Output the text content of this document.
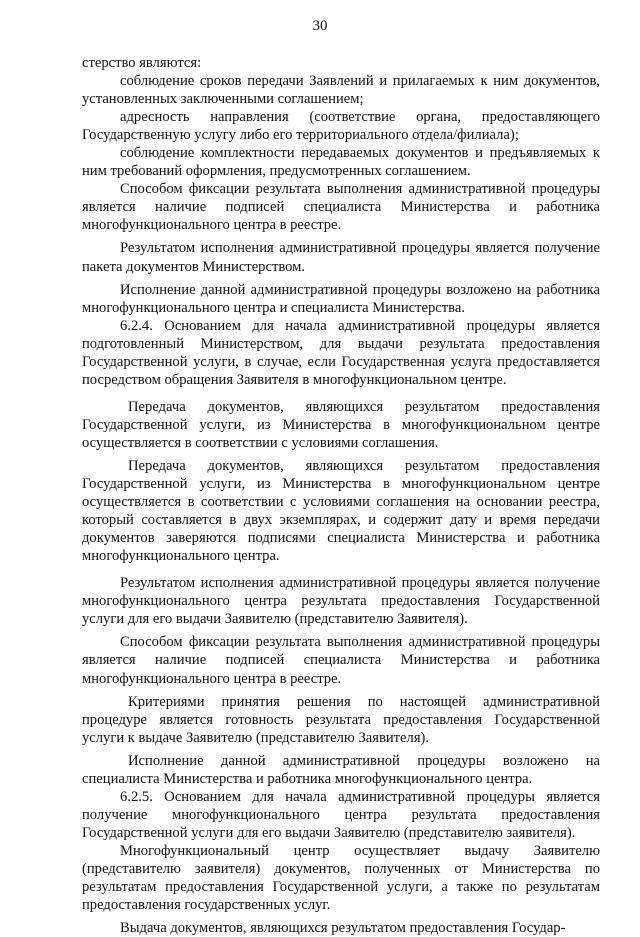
30

стерство являются:

соблюдение сроков передачи Заявлений и прилагаемых к ним документов, установленных заключенными соглашением;

адресность направления (соответствие органа, предоставляющего Государственную услугу либо его территориального отдела/филиала);

соблюдение комплектности передаваемых документов и предъявляемых к ним требований оформления, предусмотренных соглашением.

Способом фиксации результата выполнения административной процедуры является наличие подписей специалиста Министерства и работника многофункционального центра в реестре.

Результатом исполнения административной процедуры является получение пакета документов Министерством.

Исполнение данной административной процедуры возложено на работника многофункционального центра и специалиста Министерства.

6.2.4. Основанием для начала административной процедуры является подготовленный Министерством, для выдачи результата предоставления Государственной услуги, в случае, если Государственная услуга предоставляется посредством обращения Заявителя в многофункциональном центре.

Передача документов, являющихся результатом предоставления Государственной услуги, из Министерства в многофункциональном центре осуществляется в соответствии с условиями соглашения.

Передача документов, являющихся результатом предоставления Государственной услуги, из Министерства в многофункциональном центре осуществляется в соответствии с условиями соглашения на основании реестра, который составляется в двух экземплярах, и содержит дату и время передачи документов заверяются подписями специалиста Министерства и работника многофункционального центра.

Результатом исполнения административной процедуры является получение многофункционального центра результата предоставления Государственной услуги для его выдачи Заявителю (представителю Заявителя).

Способом фиксации результата выполнения административной процедуры является наличие подписей специалиста Министерства и работника многофункционального центра в реестре.

Критериями принятия решения по настоящей административной процедуре является готовность результата предоставления Государственной услуги к выдаче Заявителю (представителю Заявителя).

Исполнение данной административной процедуры возложено на специалиста Министерства и работника многофункционального центра.

6.2.5. Основанием для начала административной процедуры является получение многофункционального центра результата предоставления Государственной услуги для его выдачи Заявителю (представителю заявителя).

Многофункциональный центр осуществляет выдачу Заявителю (представителю заявителя) документов, полученных от Министерства по результатам предоставления Государственной услуги, а также по результатам предоставления государственных услуг.

Выдача документов, являющихся результатом предоставления Государ-
